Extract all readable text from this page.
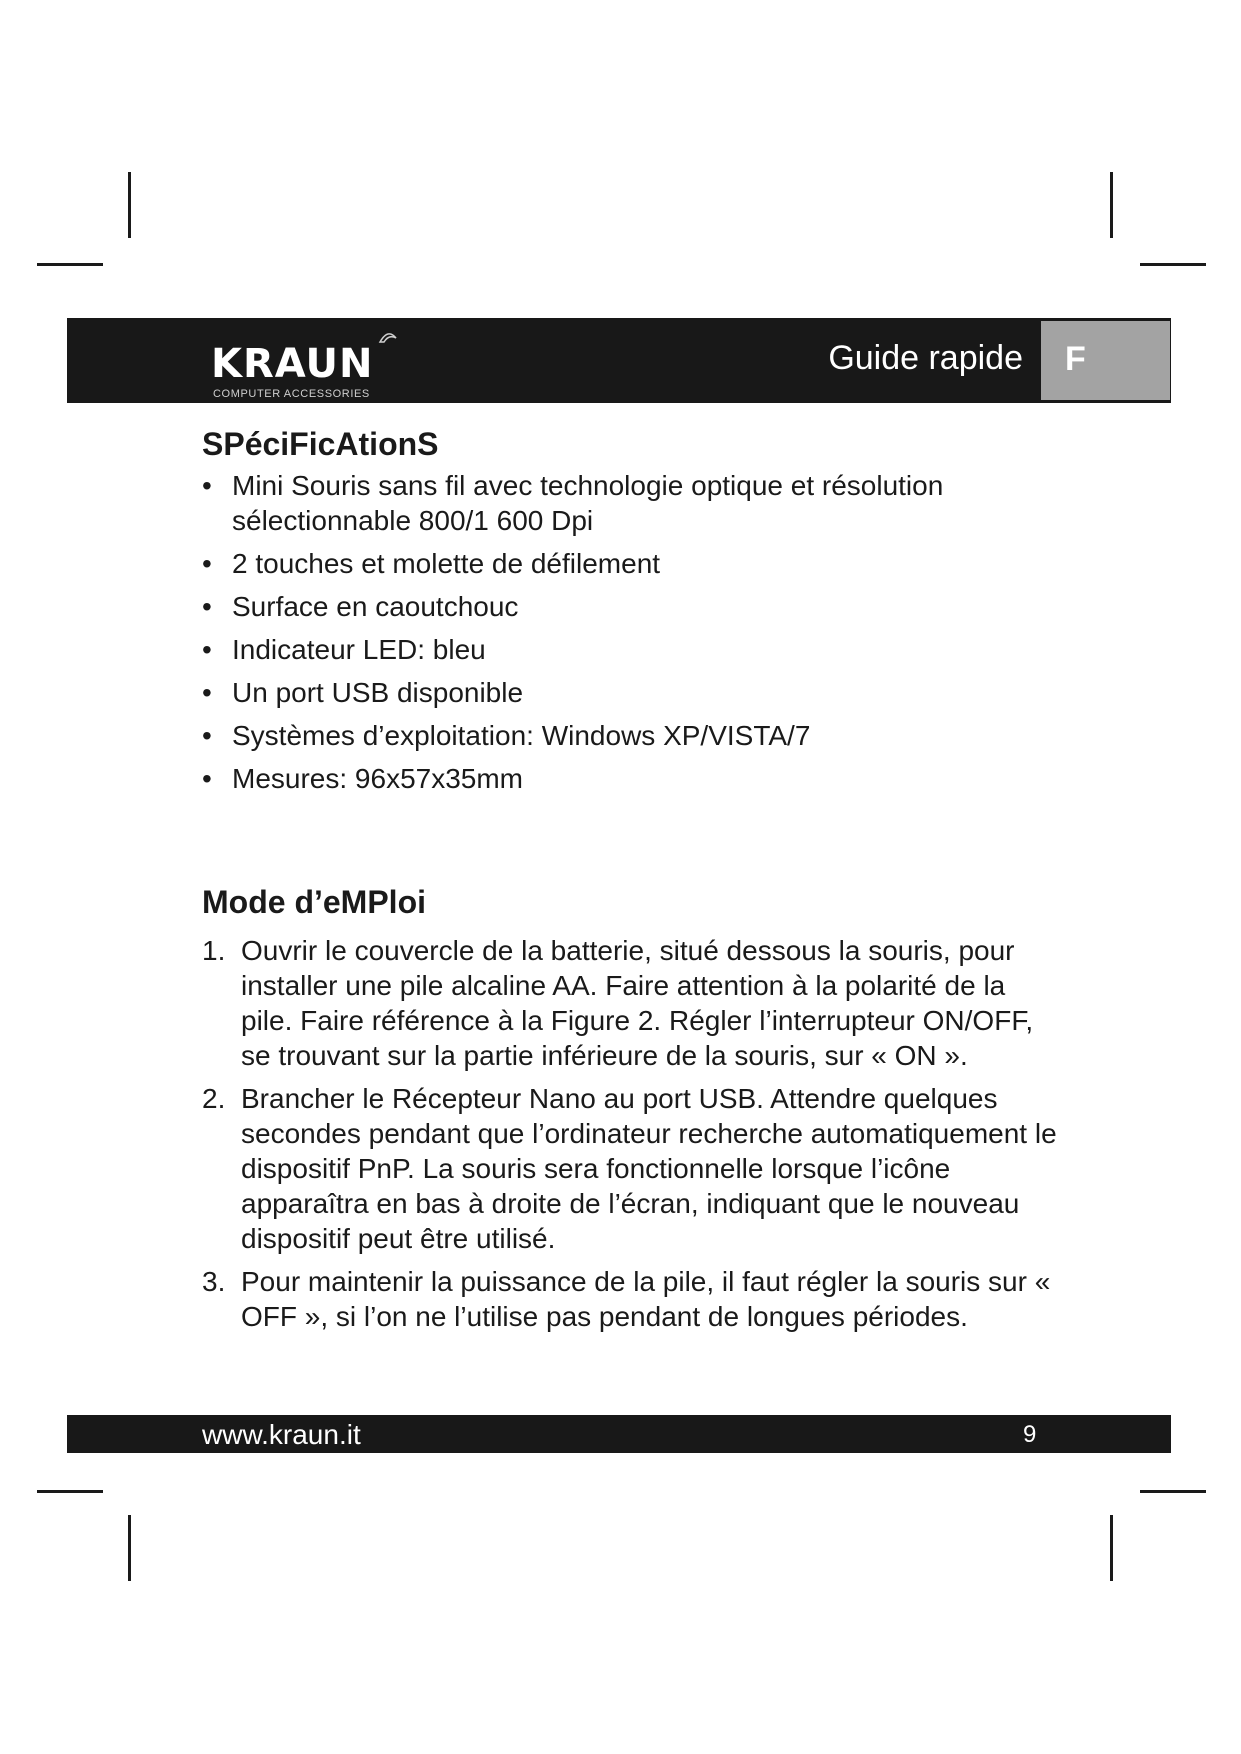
KRAUN
COMPUTER ACCESSORIES
Guide rapide F
SPéciFicAtionS
• Mini Souris sans fil avec technologie optique et résolution sélectionnable 800/1 600 Dpi
• 2 touches et molette de défilement
• Surface en caoutchouc
• Indicateur LED: bleu
• Un port USB disponible
• Systèmes d’exploitation: Windows XP/VISTA/7
• Mesures: 96x57x35mm
Mode d’eMPloi
1. Ouvrir le couvercle de la batterie, situé dessous la souris, pour installer une pile alcaline AA. Faire attention à la polarité de la pile. Faire référence à la Figure 2. Régler l’interrupteur ON/OFF, se trouvant sur la partie inférieure de la souris, sur « ON ».
2. Brancher le Récepteur Nano au port USB. Attendre quelques secondes pendant que l’ordinateur recherche automatiquement le dispositif PnP. La souris sera fonctionnelle lorsque l’icône apparaîtra en bas à droite de l’écran, indiquant que le nouveau dispositif peut être utilisé.
3. Pour maintenir la puissance de la pile, il faut régler la souris sur « OFF », si l’on ne l’utilise pas pendant de longues périodes.
www.kraun.it	9
